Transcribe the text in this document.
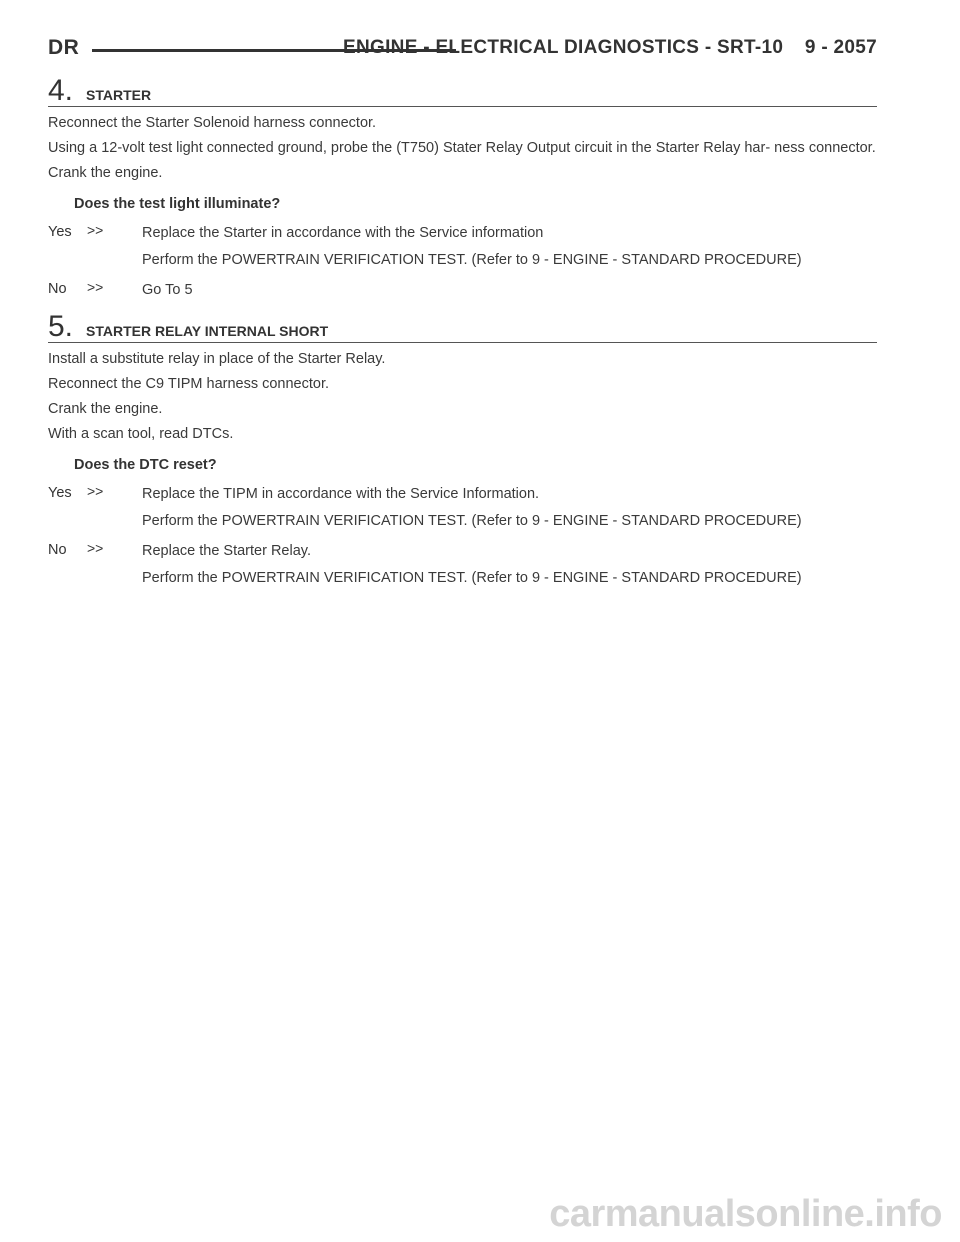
DR	ENGINE - ELECTRICAL DIAGNOSTICS - SRT-10 9 - 2057
4. STARTER

Reconnect the Starter Solenoid harness connector.

Using a 12-volt test light connected ground, probe the (T750) Stater Relay Output circuit in the Starter Relay har- ness connector.

Crank the engine.

Does the test light illuminate?

Yes >>	Replace the Starter in accordance with the Service information
Perform the POWERTRAIN VERIFICATION TEST. (Refer to 9 - ENGINE - STANDARD PROCEDURE)
No >>	Go To 5
5. STARTER RELAY INTERNAL SHORT

Install a substitute relay in place of the Starter Relay.

Reconnect the C9 TIPM harness connector.

Crank the engine.

With a scan tool, read DTCs.

Does the DTC reset?

Yes >>	Replace the TIPM in accordance with the Service Information.
Perform the POWERTRAIN VERIFICATION TEST. (Refer to 9 - ENGINE - STANDARD PROCEDURE)
No >>	Replace the Starter Relay.
Perform the POWERTRAIN VERIFICATION TEST. (Refer to 9 - ENGINE - STANDARD PROCEDURE)
carmanualsonline.info
